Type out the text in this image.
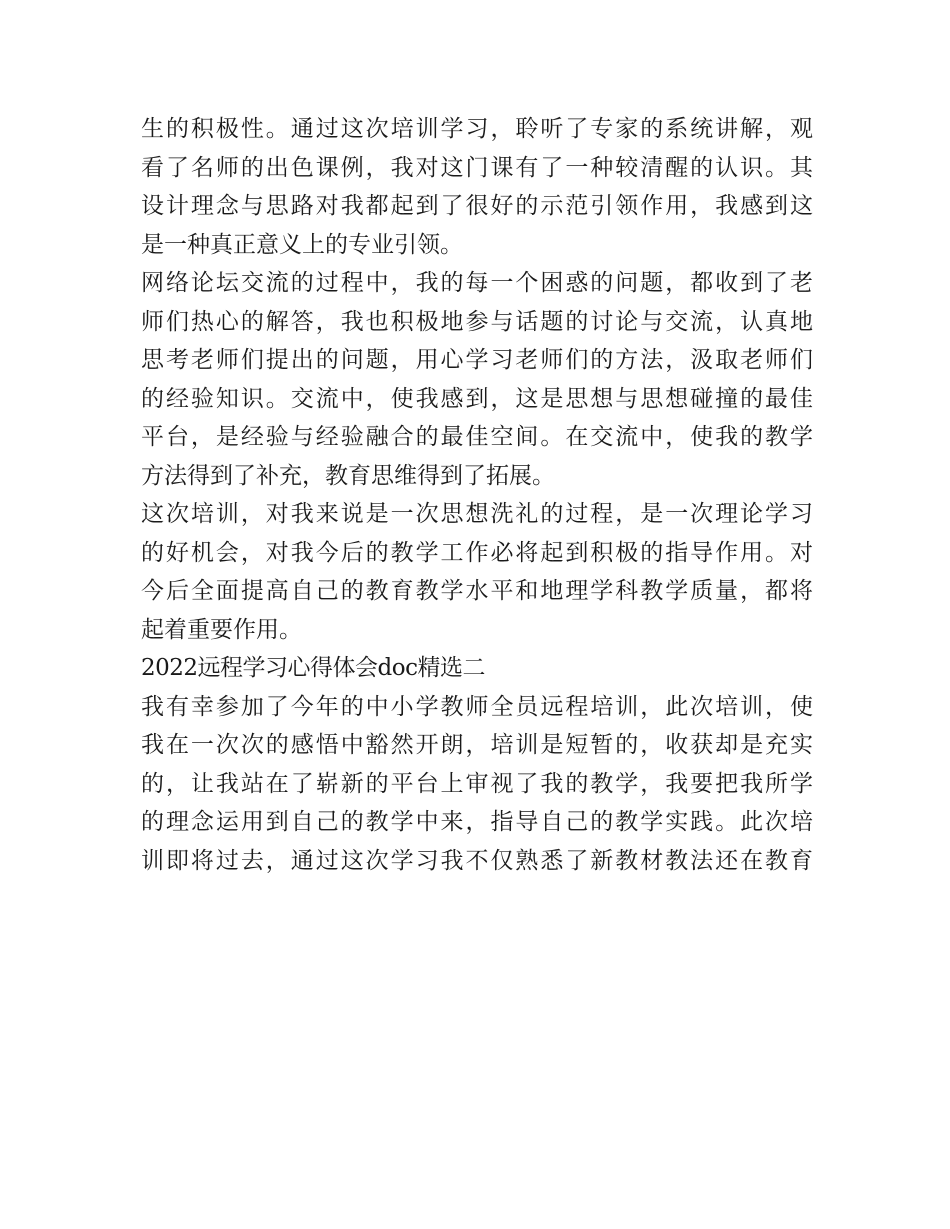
生的积极性。通过这次培训学习，聆听了专家的系统讲解，观
看了名师的出色课例，我对这门课有了一种较清醒的认识。其
设计理念与思路对我都起到了很好的示范引领作用，我感到这
是一种真正意义上的专业引领。
网络论坛交流的过程中，我的每一个困惑的问题，都收到了老
师们热心的解答，我也积极地参与话题的讨论与交流，认真地
思考老师们提出的问题，用心学习老师们的方法，汲取老师们
的经验知识。交流中，使我感到，这是思想与思想碰撞的最佳
平台，是经验与经验融合的最佳空间。在交流中，使我的教学
方法得到了补充，教育思维得到了拓展。
这次培训，对我来说是一次思想洗礼的过程，是一次理论学习
的好机会，对我今后的教学工作必将起到积极的指导作用。对
今后全面提高自己的教育教学水平和地理学科教学质量，都将
起着重要作用。
2022远程学习心得体会doc精选二
我有幸参加了今年的中小学教师全员远程培训，此次培训，使
我在一次次的感悟中豁然开朗，培训是短暂的，收获却是充实
的，让我站在了崭新的平台上审视了我的教学，我要把我所学
的理念运用到自己的教学中来，指导自己的教学实践。此次培
训即将过去，通过这次学习我不仅熟悉了新教材教法还在教育
